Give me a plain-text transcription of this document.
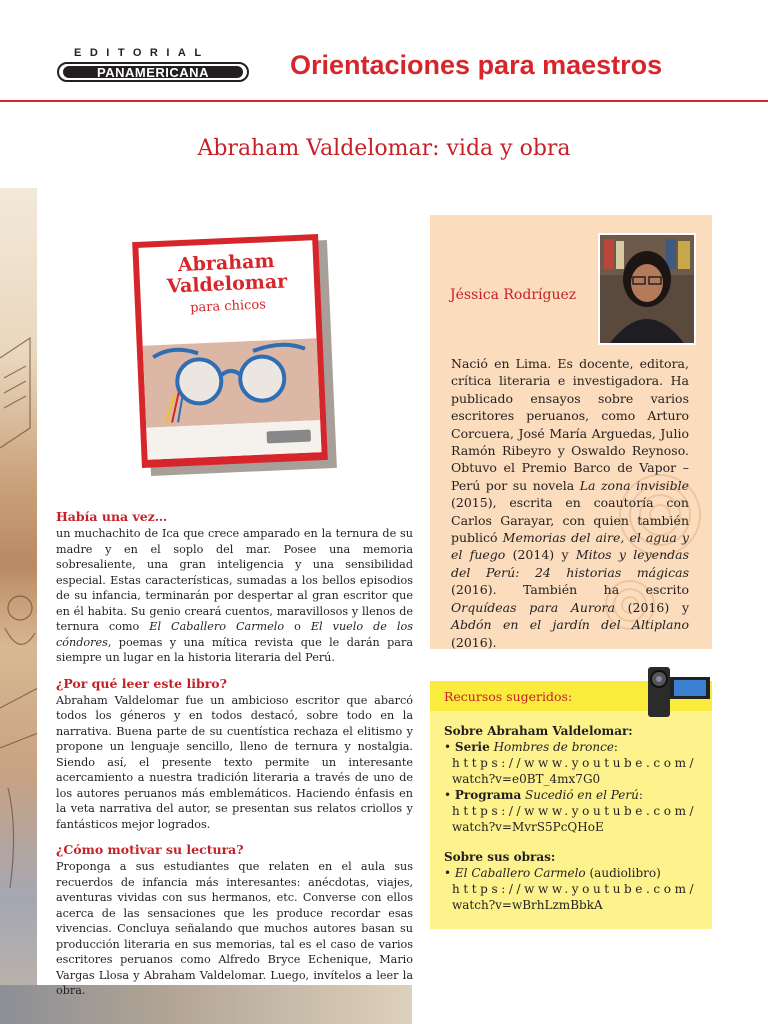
EDITORIAL
PANAMERICANA	Orientaciones para maestros
Abraham Valdelomar: vida y obra
Abraham
Valdelomar
para chicos
Jéssica Rodríguez

Nació en Lima. Es docente, editora, crítica literaria e investigadora. Ha publicado ensayos sobre varios escritores peruanos, como Arturo Corcuera, José María Arguedas, Julio Ramón Ribeyro y Oswaldo Reynoso. Obtuvo el Premio Barco de Vapor – Perú por su novela La zona invisible (2015), escrita en coautoría con Carlos Garayar, con quien también publicó Memorias del aire, el agua y el fuego (2014) y Mitos y leyendas del Perú: 24 historias mágicas (2016). También ha escrito Orquídeas para Aurora (2016) y Abdón en el jardín del Altiplano (2016).

Recursos sugeridos:

Sobre Abraham Valdelomar:

• Serie Hombres de bronce:

https://www.youtube.com/

watch?v=e0BT_4mx7G0

• Programa Sucedió en el Perú:

https://www.youtube.com/

watch?v=MvrS5PcQHoE

Sobre sus obras:

• El Caballero Carmelo (audiolibro)

https://www.youtube.com/

watch?v=wBrhLzmBbkA

Había una vez…

un muchachito de Ica que crece amparado en la ternura de su madre y en el soplo del mar. Posee una memoria sobresaliente, una gran inteligencia y una sensibilidad especial. Estas características, sumadas a los bellos episodios de su infancia, terminarán por despertar al gran escritor que en él habita. Su genio creará cuentos, maravillosos y llenos de ternura como El Caballero Carmelo o El vuelo de los cóndores, poemas y una mítica revista que le darán para siempre un lugar en la historia literaria del Perú.

¿Por qué leer este libro?

Abraham Valdelomar fue un ambicioso escritor que abarcó todos los géneros y en todos destacó, sobre todo en la narrativa. Buena parte de su cuentística rechaza el elitismo y propone un lenguaje sencillo, lleno de ternura y nostalgia. Siendo así, el presente texto permite un interesante acercamiento a nuestra tradición literaria a través de uno de los autores peruanos más emblemáticos. Haciendo énfasis en la veta narrativa del autor, se presentan sus relatos criollos y fantásticos mejor logrados.

¿Cómo motivar su lectura?

Proponga a sus estudiantes que relaten en el aula sus recuerdos de infancia más interesantes: anécdotas, viajes, aventuras vividas con sus hermanos, etc. Converse con ellos acerca de las sensaciones que les produce recordar esas vivencias. Concluya señalando que muchos autores basan su producción literaria en sus memorias, tal es el caso de varios escritores peruanos como Alfredo Bryce Echenique, Mario Vargas Llosa y Abraham Valdelomar. Luego, invítelos a leer la obra.
